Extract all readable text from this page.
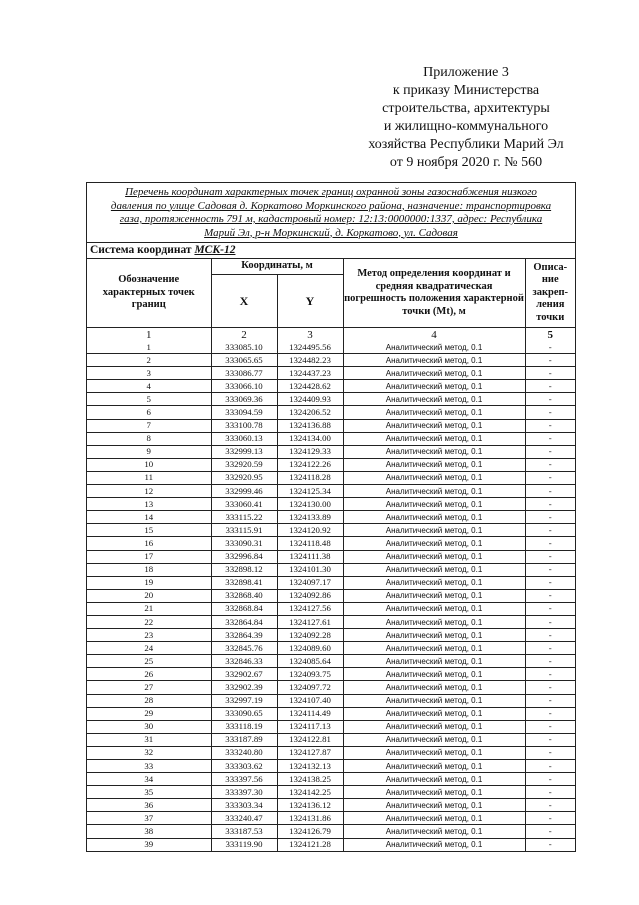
Приложение 3
к приказу Министерства
строительства, архитектуры
и жилищно-коммунального
хозяйства Республики Марий Эл
от 9 ноября 2020 г. № 560
Перечень координат характерных точек границ охранной зоны газоснабжения низкого
давления по улице Садовая д. Коркатово Моркинского района, назначение: транспортировка
газа, протяженность 791 м, кадастровый номер: 12:13:0000000:1337, адрес: Республика
Марий Эл, р-н Моркинский, д. Коркатово, ул. Садовая
Система координат МСК-12
Обозначение характерных точек границ	Координаты, м		Метод определения координат и средняя квадратическая погрешность положения характерной точки (Mt), м	Описа-ние закреп-ления точки
	X	Y		
1	2	3	4	5
1	333085.10	1324495.56	Аналитический метод, 0.1	-
2	333065.65	1324482.23	Аналитический метод, 0.1	-
3	333086.77	1324437.23	Аналитический метод, 0.1	-
4	333066.10	1324428.62	Аналитический метод, 0.1	-
5	333069.36	1324409.93	Аналитический метод, 0.1	-
6	333094.59	1324206.52	Аналитический метод, 0.1	-
7	333100.78	1324136.88	Аналитический метод, 0.1	-
8	333060.13	1324134.00	Аналитический метод, 0.1	-
9	332999.13	1324129.33	Аналитический метод, 0.1	-
10	332920.59	1324122.26	Аналитический метод, 0.1	-
11	332920.95	1324118.28	Аналитический метод, 0.1	-
12	332999.46	1324125.34	Аналитический метод, 0.1	-
13	333060.41	1324130.00	Аналитический метод, 0.1	-
14	333115.22	1324133.89	Аналитический метод, 0.1	-
15	333115.91	1324120.92	Аналитический метод, 0.1	-
16	333090.31	1324118.48	Аналитический метод, 0.1	-
17	332996.84	1324111.38	Аналитический метод, 0.1	-
18	332898.12	1324101.30	Аналитический метод, 0.1	-
19	332898.41	1324097.17	Аналитический метод, 0.1	-
20	332868.40	1324092.86	Аналитический метод, 0.1	-
21	332868.84	1324127.56	Аналитический метод, 0.1	-
22	332864.84	1324127.61	Аналитический метод, 0.1	-
23	332864.39	1324092.28	Аналитический метод, 0.1	-
24	332845.76	1324089.60	Аналитический метод, 0.1	-
25	332846.33	1324085.64	Аналитический метод, 0.1	-
26	332902.67	1324093.75	Аналитический метод, 0.1	-
27	332902.39	1324097.72	Аналитический метод, 0.1	-
28	332997.19	1324107.40	Аналитический метод, 0.1	-
29	333090.65	1324114.49	Аналитический метод, 0.1	-
30	333118.19	1324117.13	Аналитический метод, 0.1	-
31	333187.89	1324122.81	Аналитический метод, 0.1	-
32	333240.80	1324127.87	Аналитический метод, 0.1	-
33	333303.62	1324132.13	Аналитический метод, 0.1	-
34	333397.56	1324138.25	Аналитический метод, 0.1	-
35	333397.30	1324142.25	Аналитический метод, 0.1	-
36	333303.34	1324136.12	Аналитический метод, 0.1	-
37	333240.47	1324131.86	Аналитический метод, 0.1	-
38	333187.53	1324126.79	Аналитический метод, 0.1	-
39	333119.90	1324121.28	Аналитический метод, 0.1	-
